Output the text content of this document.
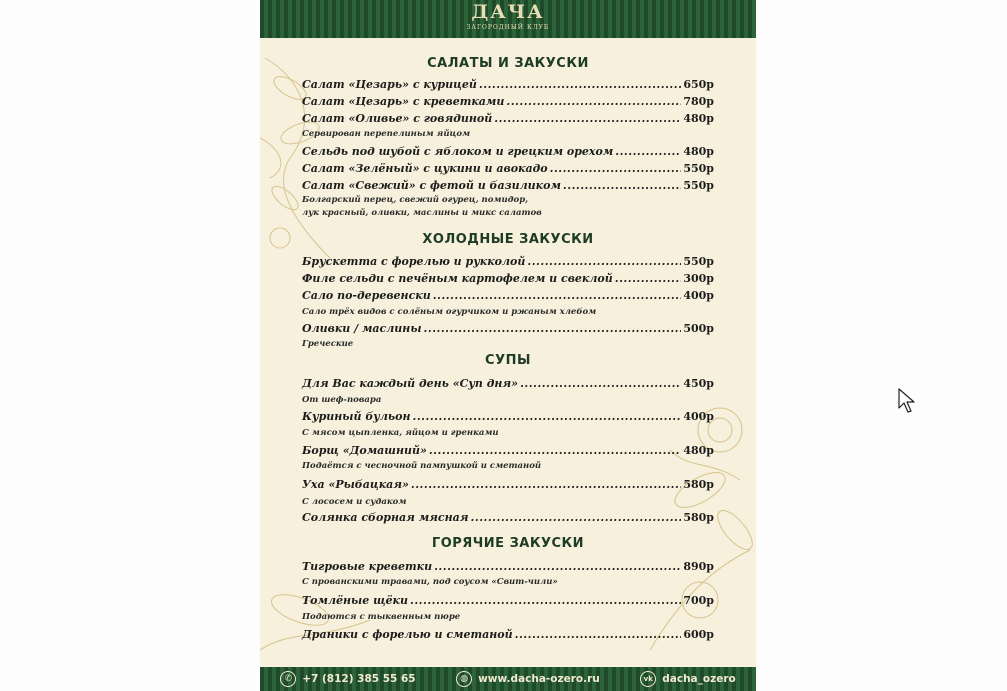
ДАЧА
ЗАГОРОДНЫЙ КЛУБ
САЛАТЫ И ЗАКУСКИ
Салат «Цезарь» с курицей .....	650р
Салат «Цезарь» с креветками .....	780р
Салат «Оливье» с говядиной .....	480р
Сервирован перепелиным яйцом
Сельдь под шубой с яблоком и грецким орехом .....	480р
Салат «Зелёный» с цукини и авокадо .....	550р
Салат «Свежий» с фетой и базиликом .....	550р
Болгарский перец, свежий огурец, помидор,
лук красный, оливки, маслины и микс салатов
ХОЛОДНЫЕ ЗАКУСКИ
Брускетта с форелью и рукколой .....	550р
Филе сельди с печёным картофелем и свеклой .....	300р
Сало по-деревенски .....	400р
Сало трёх видов с солёным огурчиком и ржаным хлебом
Оливки / маслины .....	500р
Греческие
СУПЫ
Для Вас каждый день «Суп дня» .....	450р
От шеф-повара
Куриный бульон .....	400р
С мясом цыпленка, яйцом и гренками
Борщ «Домашний» .....	480р
Подаётся с чесночной пампушкой и сметаной
Уха «Рыбацкая» .....	580р
С лососем и судаком
Солянка сборная мясная .....	580р
ГОРЯЧИЕ ЗАКУСКИ
Тигровые креветки .....	890р
С прованскими травами, под соусом «Свит-чили»
Томлёные щёки .....	700р
Подаются с тыквенным пюре
Драники с форелью и сметаной .....	600р
✆ +7 (812) 385 55 65	◍ www.dacha-ozero.ru	vk dacha_ozero
